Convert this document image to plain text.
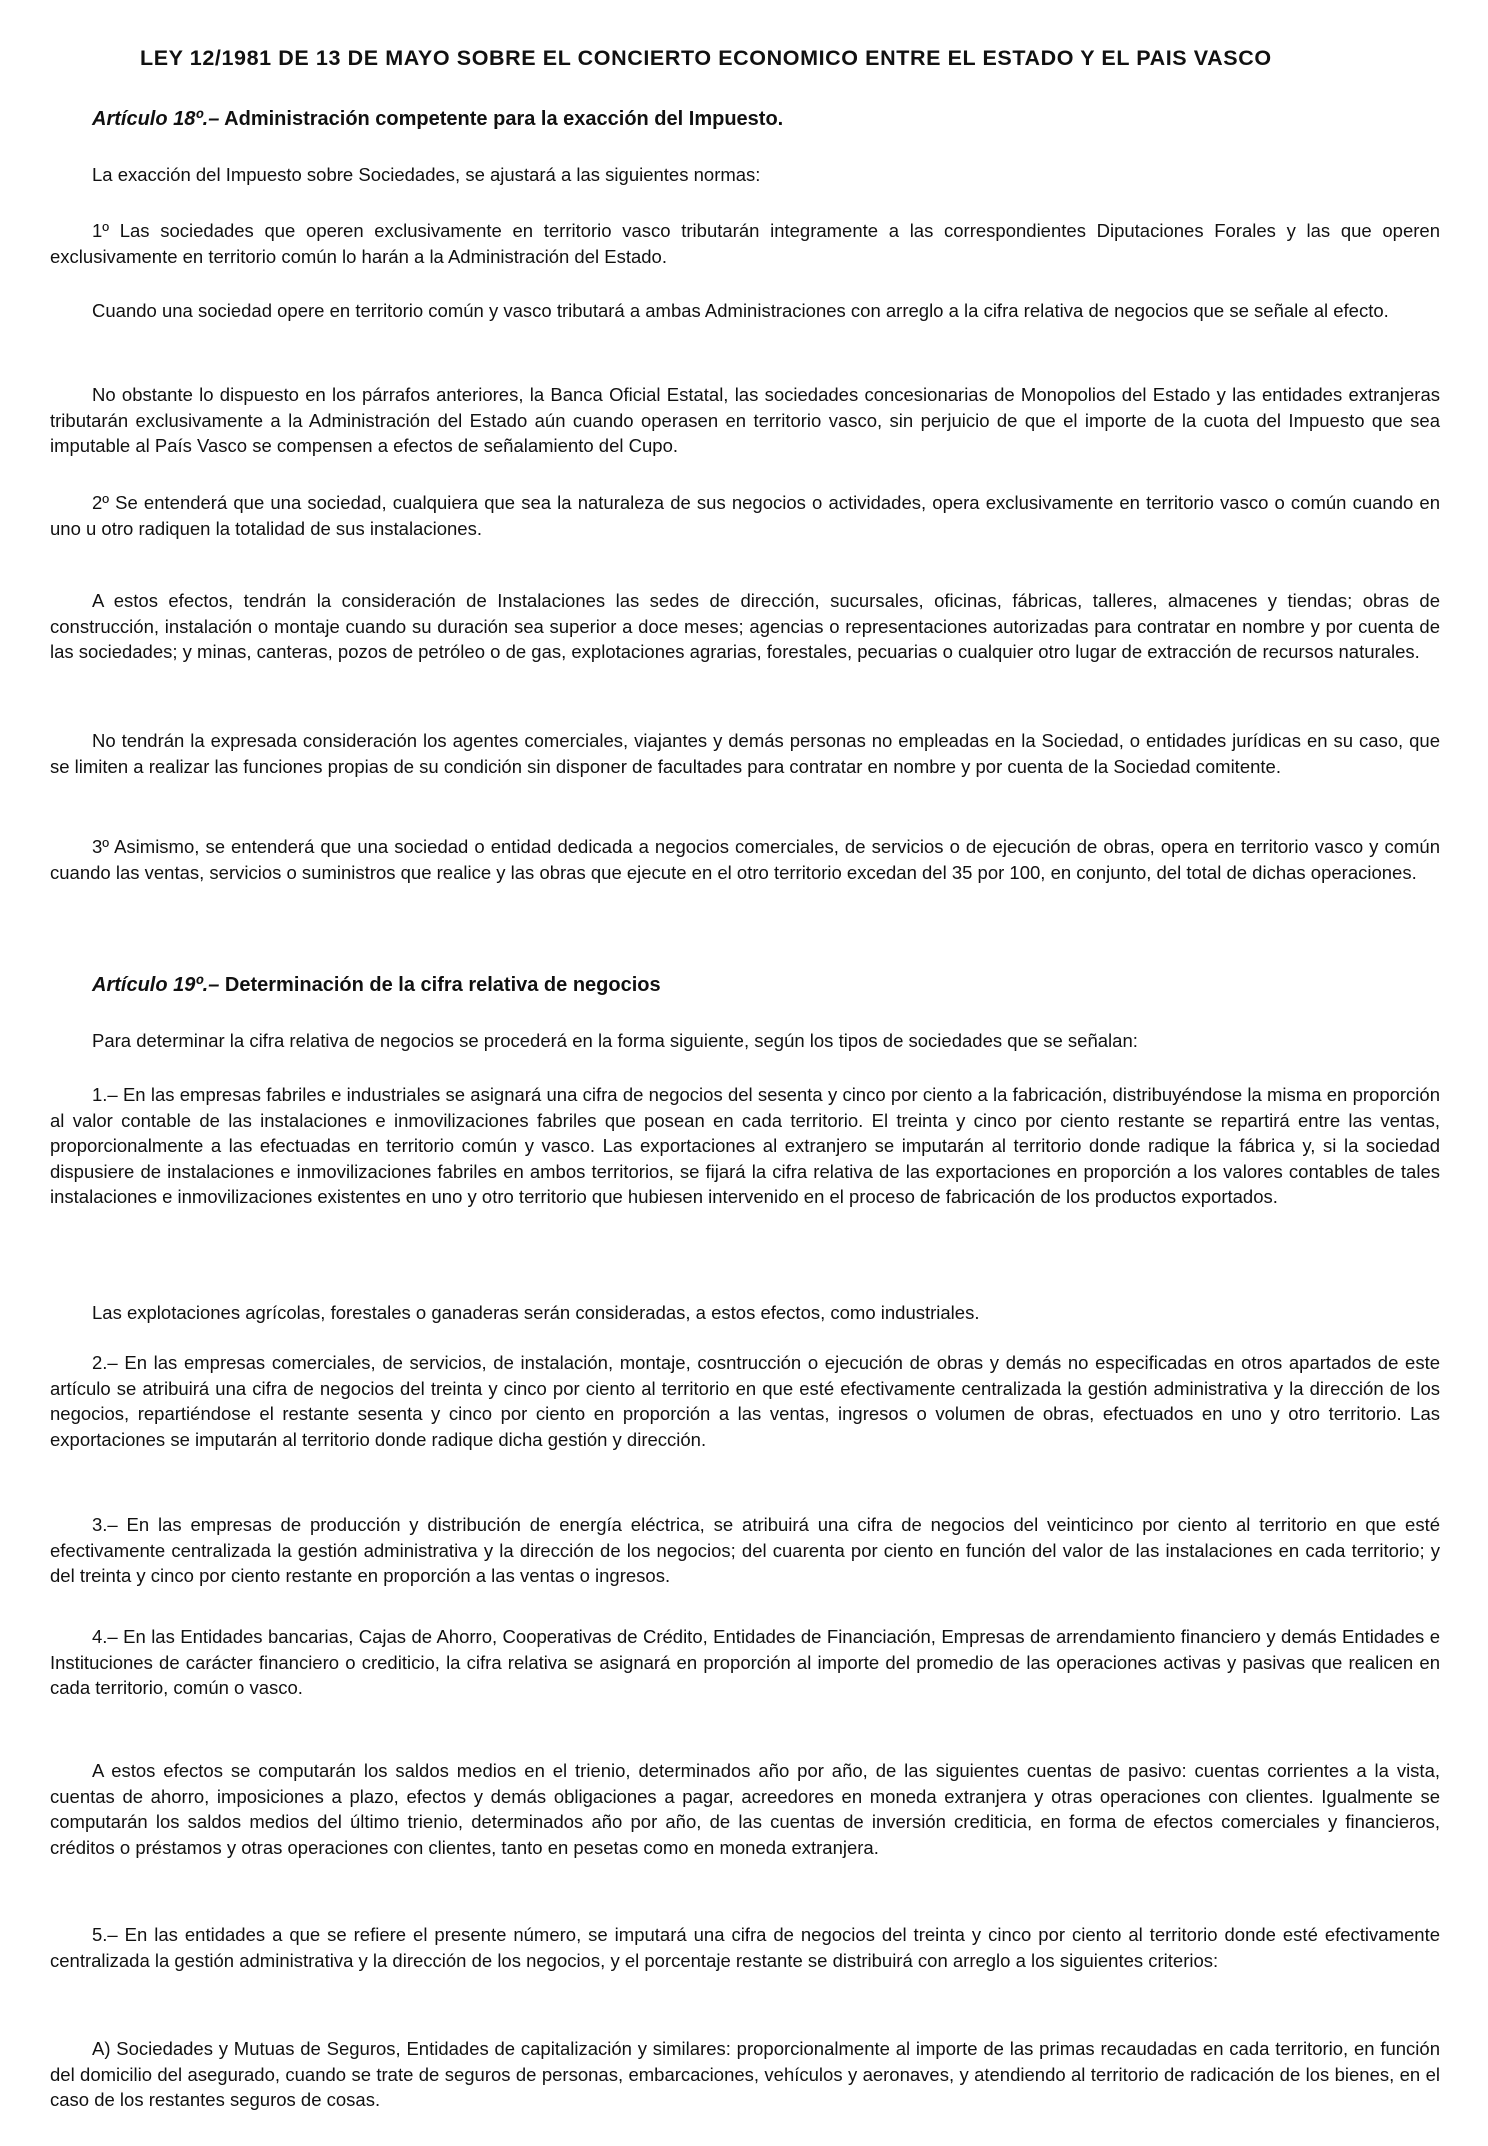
LEY 12/1981 DE 13 DE MAYO SOBRE EL CONCIERTO ECONOMICO ENTRE EL ESTADO Y EL PAIS VASCO
Artículo 18º.– Administración competente para la exacción del Impuesto.
La exacción del Impuesto sobre Sociedades, se ajustará a las siguientes normas:
1º Las sociedades que operen exclusivamente en territorio vasco tributarán integramente a las correspondientes Diputaciones Forales y las que operen exclusivamente en territorio común lo harán a la Administración del Estado.
Cuando una sociedad opere en territorio común y vasco tributará a ambas Administraciones con arreglo a la cifra relativa de negocios que se señale al efecto.
No obstante lo dispuesto en los párrafos anteriores, la Banca Oficial Estatal, las sociedades concesionarias de Monopolios del Estado y las entidades extranjeras tributarán exclusivamente a la Administración del Estado aún cuando operasen en territorio vasco, sin perjuicio de que el importe de la cuota del Impuesto que sea imputable al País Vasco se compensen a efectos de señalamiento del Cupo.
2º Se entenderá que una sociedad, cualquiera que sea la naturaleza de sus negocios o actividades, opera exclusivamente en territorio vasco o común cuando en uno u otro radiquen la totalidad de sus instalaciones.
A estos efectos, tendrán la consideración de Instalaciones las sedes de dirección, sucursales, oficinas, fábricas, talleres, almacenes y tiendas; obras de construcción, instalación o montaje cuando su duración sea superior a doce meses; agencias o representaciones autorizadas para contratar en nombre y por cuenta de las sociedades; y minas, canteras, pozos de petróleo o de gas, explotaciones agrarias, forestales, pecuarias o cualquier otro lugar de extracción de recursos naturales.
No tendrán la expresada consideración los agentes comerciales, viajantes y demás personas no empleadas en la Sociedad, o entidades jurídicas en su caso, que se limiten a realizar las funciones propias de su condición sin disponer de facultades para contratar en nombre y por cuenta de la Sociedad comitente.
3º Asimismo, se entenderá que una sociedad o entidad dedicada a negocios comerciales, de servicios o de ejecución de obras, opera en territorio vasco y común cuando las ventas, servicios o suministros que realice y las obras que ejecute en el otro territorio excedan del 35 por 100, en conjunto, del total de dichas operaciones.
Artículo 19º.– Determinación de la cifra relativa de negocios
Para determinar la cifra relativa de negocios se procederá en la forma siguiente, según los tipos de sociedades que se señalan:
1.– En las empresas fabriles e industriales se asignará una cifra de negocios del sesenta y cinco por ciento a la fabricación, distribuyéndose la misma en proporción al valor contable de las instalaciones e inmovilizaciones fabriles que posean en cada territorio. El treinta y cinco por ciento restante se repartirá entre las ventas, proporcionalmente a las efectuadas en territorio común y vasco. Las exportaciones al extranjero se imputarán al territorio donde radique la fábrica y, si la sociedad dispusiere de instalaciones e inmovilizaciones fabriles en ambos territorios, se fijará la cifra relativa de las exportaciones en proporción a los valores contables de tales instalaciones e inmovilizaciones existentes en uno y otro territorio que hubiesen intervenido en el proceso de fabricación de los productos exportados.
Las explotaciones agrícolas, forestales o ganaderas serán consideradas, a estos efectos, como industriales.
2.– En las empresas comerciales, de servicios, de instalación, montaje, cosntrucción o ejecución de obras y demás no especificadas en otros apartados de este artículo se atribuirá una cifra de negocios del treinta y cinco por ciento al territorio en que esté efectivamente centralizada la gestión administrativa y la dirección de los negocios, repartiéndose el restante sesenta y cinco por ciento en proporción a las ventas, ingresos o volumen de obras, efectuados en uno y otro territorio. Las exportaciones se imputarán al territorio donde radique dicha gestión y dirección.
3.– En las empresas de producción y distribución de energía eléctrica, se atribuirá una cifra de negocios del veinticinco por ciento al territorio en que esté efectivamente centralizada la gestión administrativa y la dirección de los negocios; del cuarenta por ciento en función del valor de las instalaciones en cada territorio; y del treinta y cinco por ciento restante en proporción a las ventas o ingresos.
4.– En las Entidades bancarias, Cajas de Ahorro, Cooperativas de Crédito, Entidades de Financiación, Empresas de arrendamiento financiero y demás Entidades e Instituciones de carácter financiero o crediticio, la cifra relativa se asignará en proporción al importe del promedio de las operaciones activas y pasivas que realicen en cada territorio, común o vasco.
A estos efectos se computarán los saldos medios en el trienio, determinados año por año, de las siguientes cuentas de pasivo: cuentas corrientes a la vista, cuentas de ahorro, imposiciones a plazo, efectos y demás obligaciones a pagar, acreedores en moneda extranjera y otras operaciones con clientes. Igualmente se computarán los saldos medios del último trienio, determinados año por año, de las cuentas de inversión crediticia, en forma de efectos comerciales y financieros, créditos o préstamos y otras operaciones con clientes, tanto en pesetas como en moneda extranjera.
5.– En las entidades a que se refiere el presente número, se imputará una cifra de negocios del treinta y cinco por ciento al territorio donde esté efectivamente centralizada la gestión administrativa y la dirección de los negocios, y el porcentaje restante se distribuirá con arreglo a los siguientes criterios:
A) Sociedades y Mutuas de Seguros, Entidades de capitalización y similares: proporcionalmente al importe de las primas recaudadas en cada territorio, en función del domicilio del asegurado, cuando se trate de seguros de personas, embarcaciones, vehículos y aeronaves, y atendiendo al territorio de radicación de los bienes, en el caso de los restantes seguros de cosas.
